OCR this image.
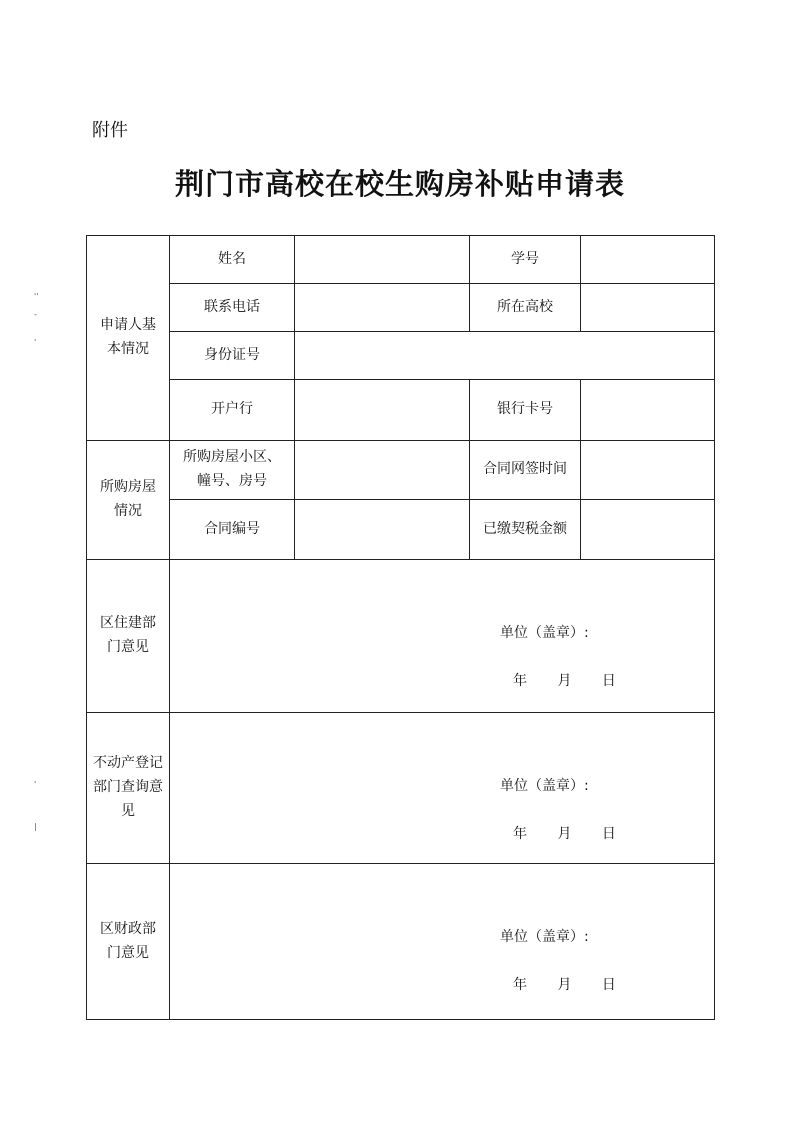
附件
荆门市高校在校生购房补贴申请表
''
-
'
'
|
申请人基本情况	姓名		学号	
	联系电话		所在高校	
	身份证号			
	开户行		银行卡号	
所购房屋情况	所购房屋小区、幢号、房号		合同网签时间	
	合同编号		已缴契税金额	
区住建部门意见	单位（盖章）:
年 月 日			

不动产登记部门查询意见	单位（盖章）:
年 月 日			

区财政部门意见	单位（盖章）:
年 月 日			
